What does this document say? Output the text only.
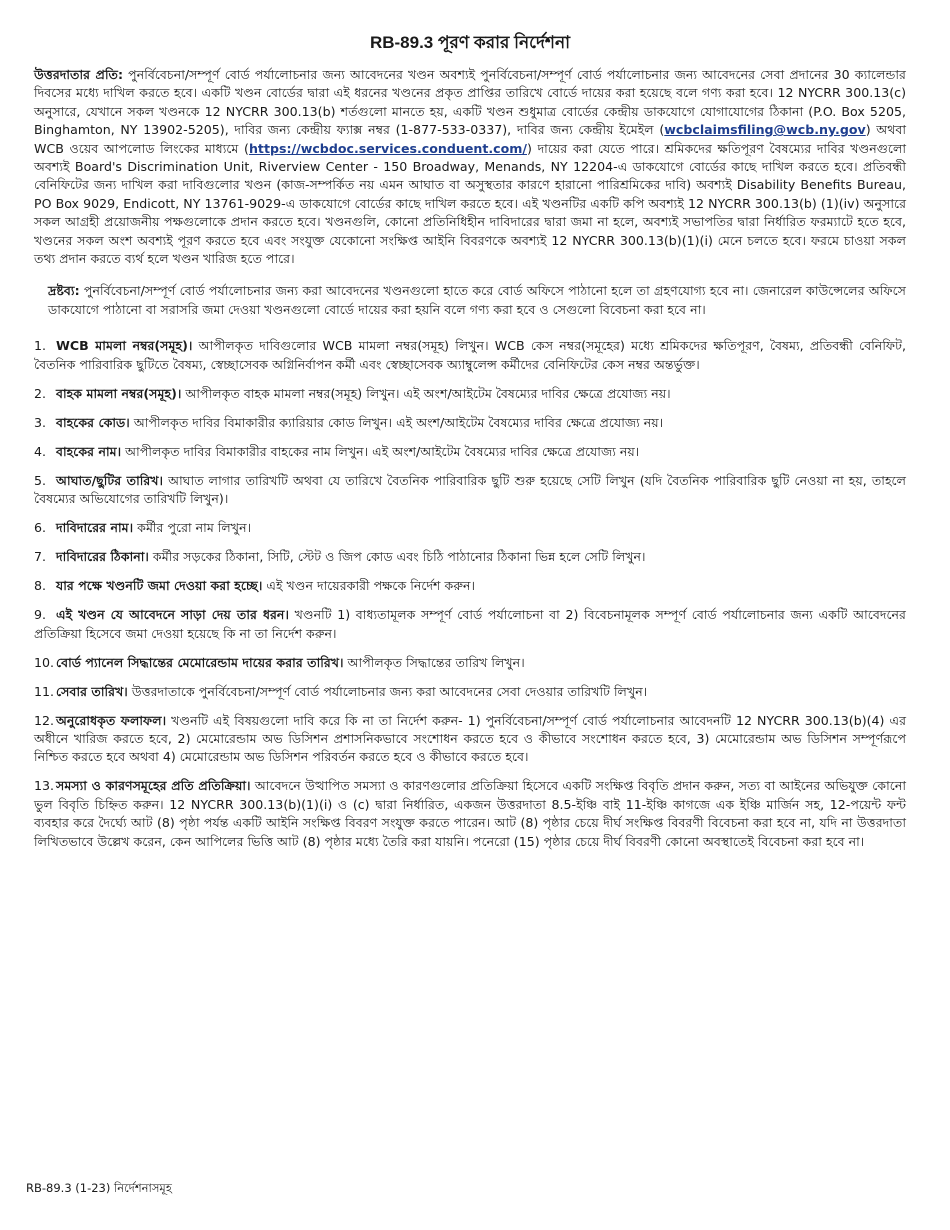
RB-89.3 পূরণ করার নির্দেশনা

উত্তরদাতার প্রতি: পুনর্বিবেচনা/সম্পূর্ণ বোর্ড পর্যালোচনার জন্য আবেদনের খণ্ডন অবশ্যই পুনর্বিবেচনা/সম্পূর্ণ বোর্ড পর্যালোচনার জন্য আবেদনের সেবা প্রদানের 30 ক্যালেন্ডার দিবসের মধ্যে দাখিল করতে হবে। একটি খণ্ডন বোর্ডের দ্বারা এই ধরনের খণ্ডনের প্রকৃত প্রাপ্তির তারিখে বোর্ডে দায়ের করা হয়েছে বলে গণ্য করা হবে। 12 NYCRR 300.13(c) অনুসারে, যেখানে সকল খণ্ডনকে 12 NYCRR 300.13(b) শর্তগুলো মানতে হয়, একটি খণ্ডন শুধুমাত্র বোর্ডের কেন্দ্রীয় ডাকযোগে যোগাযোগের ঠিকানা (P.O. Box 5205, Binghamton, NY 13902-5205), দাবির জন্য কেন্দ্রীয় ফ্যাক্স নম্বর (1-877-533-0337), দাবির জন্য কেন্দ্রীয় ইমেইল (wcbclaimsfiling@wcb.ny.gov) অথবা WCB ওয়েব আপলোড লিংকের মাধ্যমে (https://wcbdoc.services.conduent.com/) দায়ের করা যেতে পারে। শ্রমিকদের ক্ষতিপূরণ বৈষম্যের দাবির খণ্ডনগুলো অবশ্যই Board's Discrimination Unit, Riverview Center - 150 Broadway, Menands, NY 12204-এ ডাকযোগে বোর্ডের কাছে দাখিল করতে হবে। প্রতিবন্ধী বেনিফিটের জন্য দাখিল করা দাবিগুলোর খণ্ডন (কাজ-সম্পর্কিত নয় এমন আঘাত বা অসুস্থতার কারণে হারানো পারিশ্রমিকের দাবি) অবশ্যই Disability Benefits Bureau, PO Box 9029, Endicott, NY 13761-9029-এ ডাকযোগে বোর্ডের কাছে দাখিল করতে হবে। এই খণ্ডনটির একটি কপি অবশ্যই 12 NYCRR 300.13(b) (1)(iv) অনুসারে সকল আগ্রহী প্রয়োজনীয় পক্ষগুলোকে প্রদান করতে হবে। খণ্ডনগুলি, কোনো প্রতিনিধিহীন দাবিদারের দ্বারা জমা না হলে, অবশ্যই সভাপতির দ্বারা নির্ধারিত ফরম্যাটে হতে হবে, খণ্ডনের সকল অংশ অবশ্যই পূরণ করতে হবে এবং সংযুক্ত যেকোনো সংক্ষিপ্ত আইনি বিবরণকে অবশ্যই 12 NYCRR 300.13(b)(1)(i) মেনে চলতে হবে। ফরমে চাওয়া সকল তথ্য প্রদান করতে ব্যর্থ হলে খণ্ডন খারিজ হতে পারে।

দ্রষ্টব্য: পুনর্বিবেচনা/সম্পূর্ণ বোর্ড পর্যালোচনার জন্য করা আবেদনের খণ্ডনগুলো হাতে করে বোর্ড অফিসে পাঠানো হলে তা গ্রহণযোগ্য হবে না। জেনারেল কাউন্সেলের অফিসে ডাকযোগে পাঠানো বা সরাসরি জমা দেওয়া খণ্ডনগুলো বোর্ডে দায়ের করা হয়নি বলে গণ্য করা হবে ও সেগুলো বিবেচনা করা হবে না।

1. WCB মামলা নম্বর(সমূহ)। আপীলকৃত দাবিগুলোর WCB মামলা নম্বর(সমূহ) লিখুন। WCB কেস নম্বর(সমূহের) মধ্যে শ্রমিকদের ক্ষতিপূরণ, বৈষম্য, প্রতিবন্ধী বেনিফিট, বৈতনিক পারিবারিক ছুটিতে বৈষম্য, স্বেচ্ছাসেবক অগ্নিনির্বাপন কর্মী এবং স্বেচ্ছাসেবক অ্যাম্বুলেন্স কর্মীদের বেনিফিটের কেস নম্বর অন্তর্ভুক্ত।

2. বাহক মামলা নম্বর(সমূহ)। আপীলকৃত বাহক মামলা নম্বর(সমূহ) লিখুন। এই অংশ/আইটেম বৈষম্যের দাবির ক্ষেত্রে প্রযোজ্য নয়।

3. বাহকের কোড। আপীলকৃত দাবির বিমাকারীর ক্যারিয়ার কোড লিখুন। এই অংশ/আইটেম বৈষম্যের দাবির ক্ষেত্রে প্রযোজ্য নয়।

4. বাহকের নাম। আপীলকৃত দাবির বিমাকারীর বাহকের নাম লিখুন। এই অংশ/আইটেম বৈষম্যের দাবির ক্ষেত্রে প্রযোজ্য নয়।

5. আঘাত/ছুটির তারিখ। আঘাত লাগার তারিখটি অথবা যে তারিখে বৈতনিক পারিবারিক ছুটি শুরু হয়েছে সেটি লিখুন (যদি বৈতনিক পারিবারিক ছুটি নেওয়া না হয়, তাহলে বৈষম্যের অভিযোগের তারিখটি লিখুন)।

6. দাবিদারের নাম। কর্মীর পুরো নাম লিখুন।

7. দাবিদারের ঠিকানা। কর্মীর সড়কের ঠিকানা, সিটি, স্টেট ও জিপ কোড এবং চিঠি পাঠানোর ঠিকানা ভিন্ন হলে সেটি লিখুন।

8. যার পক্ষে খণ্ডনটি জমা দেওয়া করা হচ্ছে। এই খণ্ডন দায়েরকারী পক্ষকে নির্দেশ করুন।

9. এই খণ্ডন যে আবেদনে সাড়া দেয় তার ধরন। খণ্ডনটি 1) বাধ্যতামূলক সম্পূর্ণ বোর্ড পর্যালোচনা বা 2) বিবেচনামূলক সম্পূর্ণ বোর্ড পর্যালোচনার জন্য একটি আবেদনের প্রতিক্রিয়া হিসেবে জমা দেওয়া হয়েছে কি না তা নির্দেশ করুন।

10. বোর্ড প্যানেল সিদ্ধান্তের মেমোরেন্ডাম দায়ের করার তারিখ। আপীলকৃত সিদ্ধান্তের তারিখ লিখুন।

11. সেবার তারিখ। উত্তরদাতাকে পুনর্বিবেচনা/সম্পূর্ণ বোর্ড পর্যালোচনার জন্য করা আবেদনের সেবা দেওয়ার তারিখটি লিখুন।

12. অনুরোধকৃত ফলাফল। খণ্ডনটি এই বিষয়গুলো দাবি করে কি না তা নির্দেশ করুন- 1) পুনর্বিবেচনা/সম্পূর্ণ বোর্ড পর্যালোচনার আবেদনটি 12 NYCRR 300.13(b)(4) এর অধীনে খারিজ করতে হবে, 2) মেমোরেন্ডাম অভ ডিসিশন প্রশাসনিকভাবে সংশোধন করতে হবে ও কীভাবে সংশোধন করতে হবে, 3) মেমোরেন্ডাম অভ ডিসিশন সম্পূর্ণরূপে নিশ্চিত করতে হবে অথবা 4) মেমোরেন্ডাম অভ ডিসিশন পরিবর্তন করতে হবে ও কীভাবে করতে হবে।

13. সমস্যা ও কারণসমূহের প্রতি প্রতিক্রিয়া। আবেদনে উত্থাপিত সমস্যা ও কারণগুলোর প্রতিক্রিয়া হিসেবে একটি সংক্ষিপ্ত বিবৃতি প্রদান করুন, সত্য বা আইনের অভিযুক্ত কোনো ভুল বিবৃতি চিহ্নিত করুন। 12 NYCRR 300.13(b)(1)(i) ও (c) দ্বারা নির্ধারিত, একজন উত্তরদাতা 8.5-ইঞ্চি বাই 11-ইঞ্চি কাগজে এক ইঞ্চি মার্জিন সহ, 12-পয়েন্ট ফন্ট ব্যবহার করে দৈর্ঘ্যে আট (8) পৃষ্ঠা পর্যন্ত একটি আইনি সংক্ষিপ্ত বিবরণ সংযুক্ত করতে পারেন। আট (8) পৃষ্ঠার চেয়ে দীর্ঘ সংক্ষিপ্ত বিবরণী বিবেচনা করা হবে না, যদি না উত্তরদাতা লিখিতভাবে উল্লেখ করেন, কেন আপিলের ভিত্তি আট (8) পৃষ্ঠার মধ্যে তৈরি করা যায়নি। পনেরো (15) পৃষ্ঠার চেয়ে দীর্ঘ বিবরণী কোনো অবস্থাতেই বিবেচনা করা হবে না।

RB-89.3 (1-23) নির্দেশনাসমূহ
